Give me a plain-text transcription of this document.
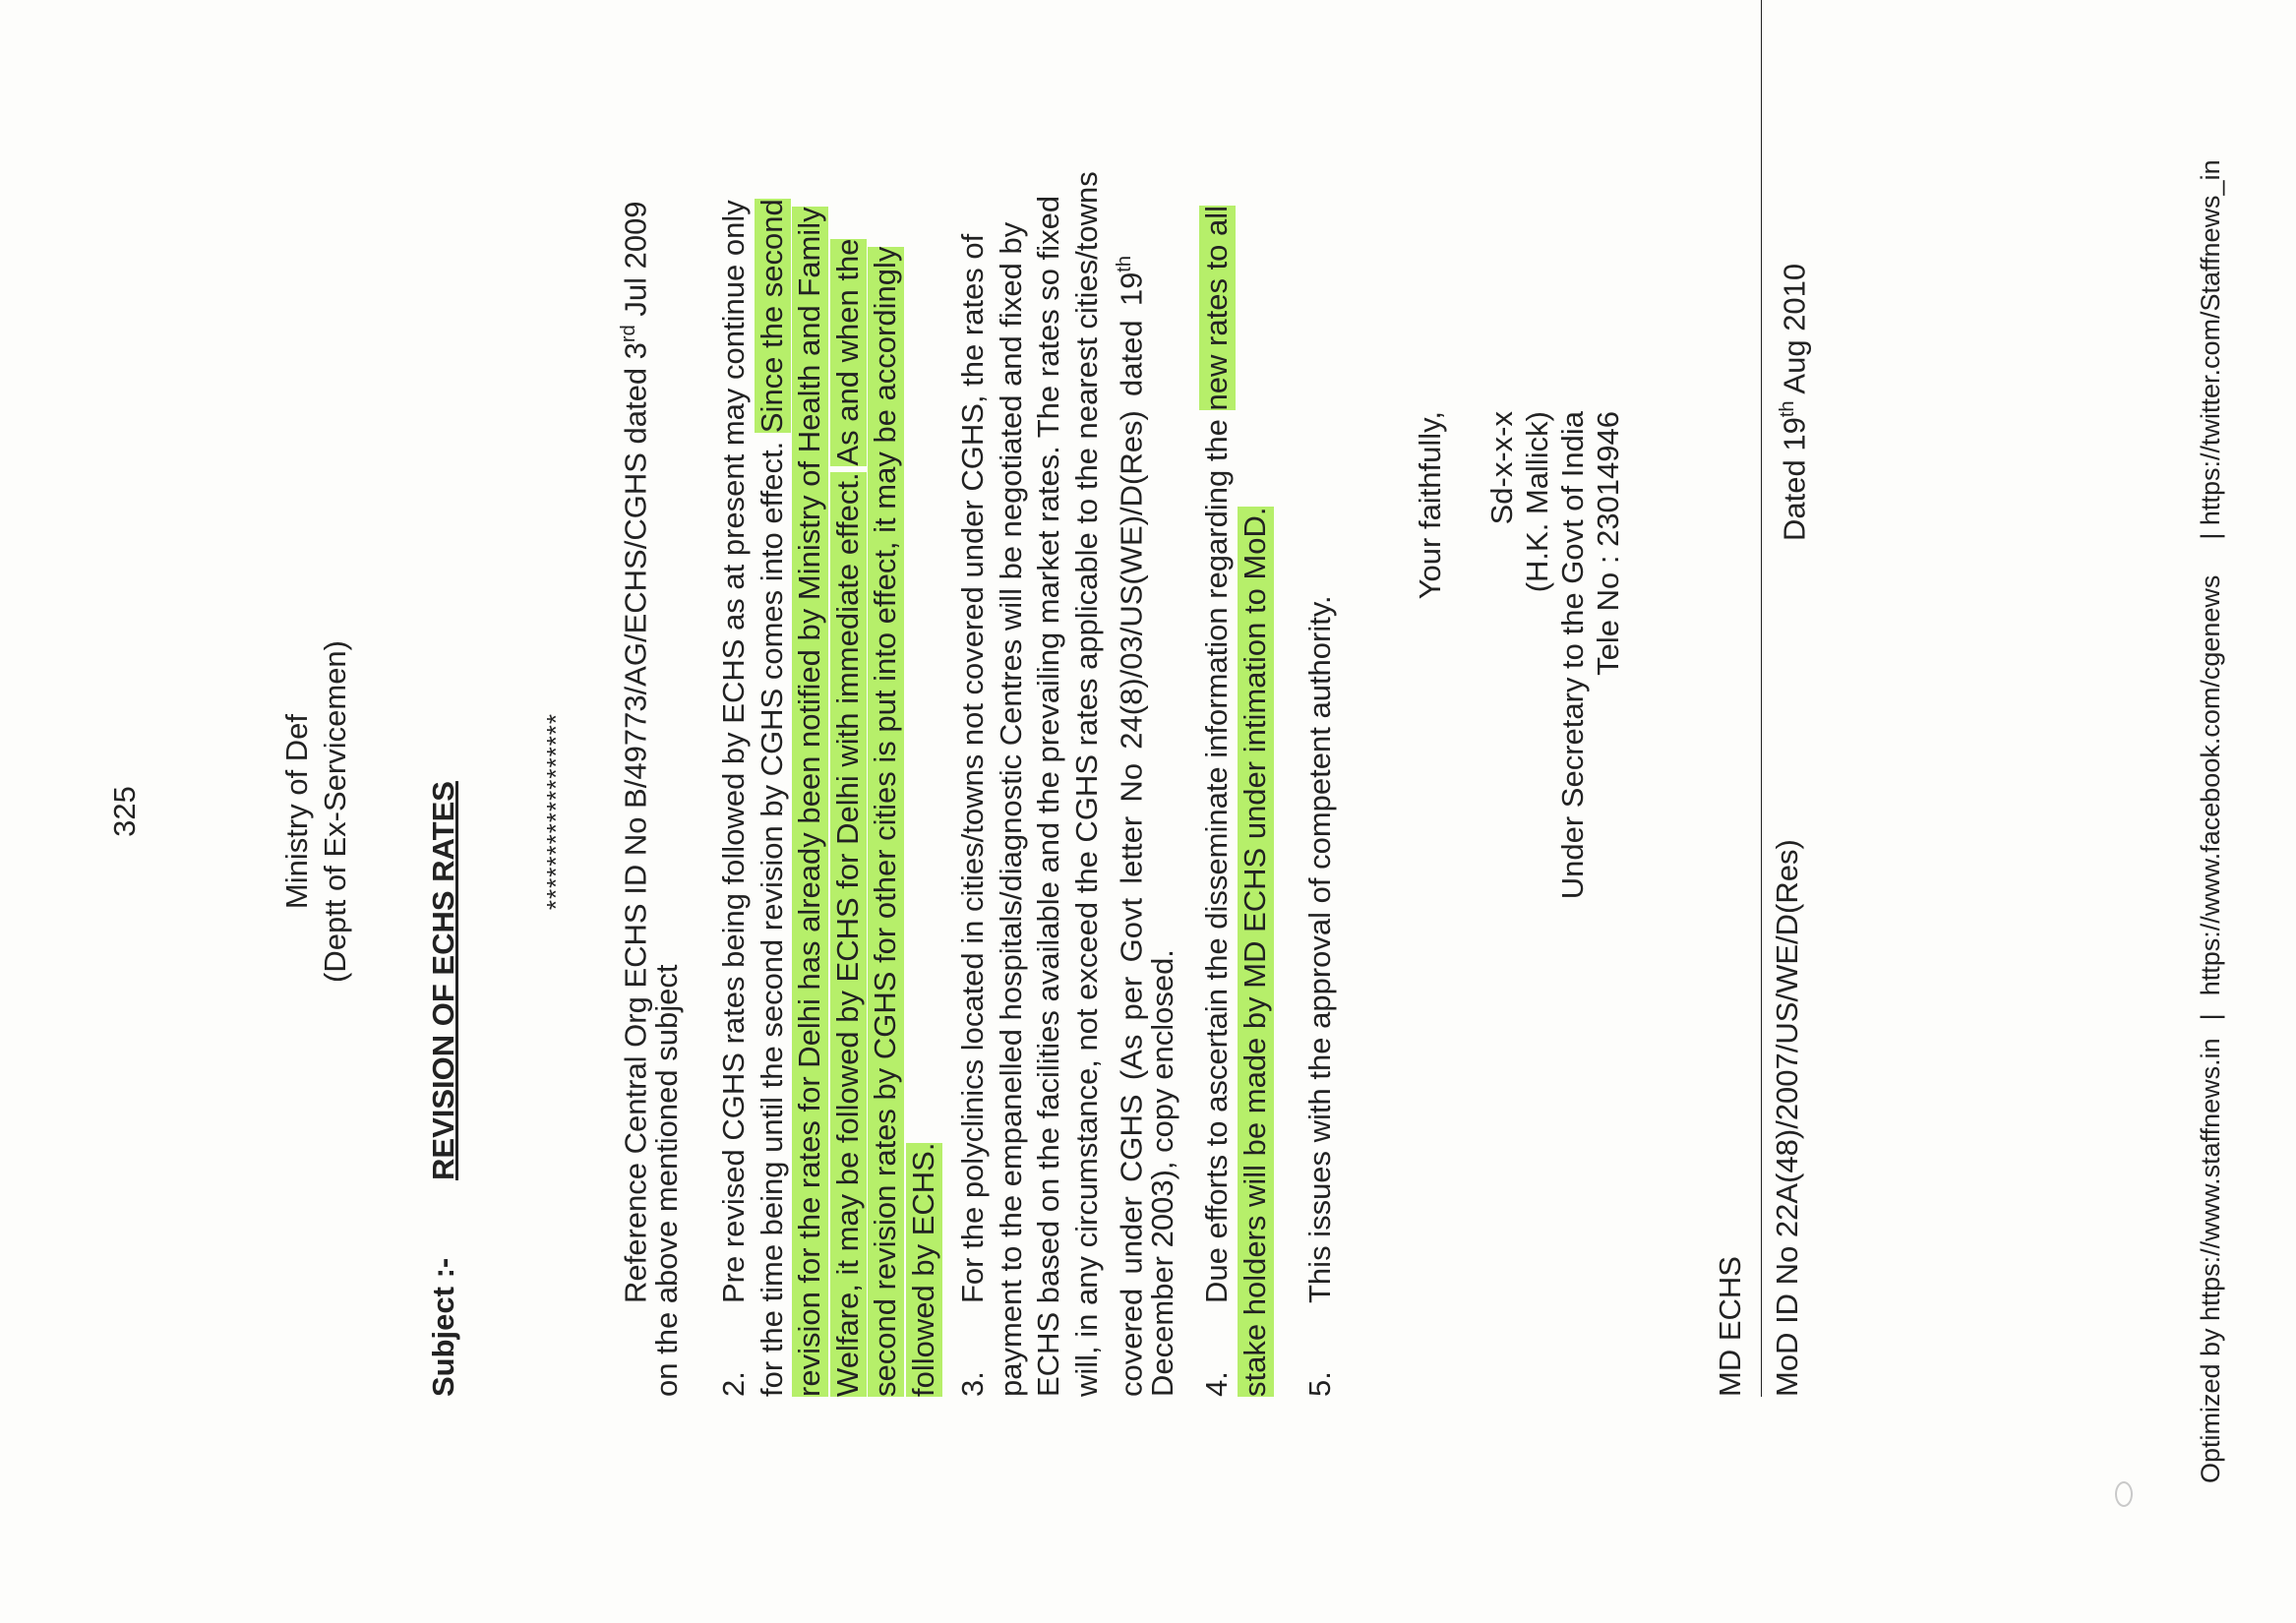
325	Ministry of Def (Deptt of Ex-Servicemen)
Subject :-
REVISION OF ECHS RATES	****************** Reference Central Org ECHS ID No B/49773/AG/ECHS/CGHS dated 3rd Jul 2009
on the above mentioned subject 2.Pre revised CGHS rates being followed by ECHS as at present may continue only for the time being until the second revision by CGHS comes into effect. Since the second revision for the rates for Delhi has already been notified by Ministry of Health and Family Welfare, it may be followed by ECHS for Delhi with immediate effect. As and when the second revision rates by CGHS for other cities is put into effect, it may be accordingly followed by ECHS. 3.For the polyclinics located in cities/towns not covered under CGHS, the rates of payment to the empanelled hospitals/diagnostic Centres will be negotiated and fixed by ECHS based on the facilities available and the prevailing market rates. The rates so fixed will, in any circumstance, not exceed the CGHS rates applicable to the nearest cities/towns covered under CGHS (As per Govt letter No 24(8)/03/US(WE)/D(Res) dated 19th
December 2003), copy enclosed. 4.Due efforts to ascertain the disseminate information regarding the new rates to all
stake holders will be made by MD ECHS under intimation to MoD. 5.This issues with the approval of competent authority.
Your faithfully, Sd-x-x-x (H.K. Mallick) Under Secretary to the Govt of India Tele No : 23014946
MD ECHS MoD ID No 22A(48)/2007/US/WE/D(Res)
Dated 19th Aug 2010
Optimized by https://www.staffnews.in|https://www.facebook.com/cgenews| https://twitter.com/Staffnews_in
